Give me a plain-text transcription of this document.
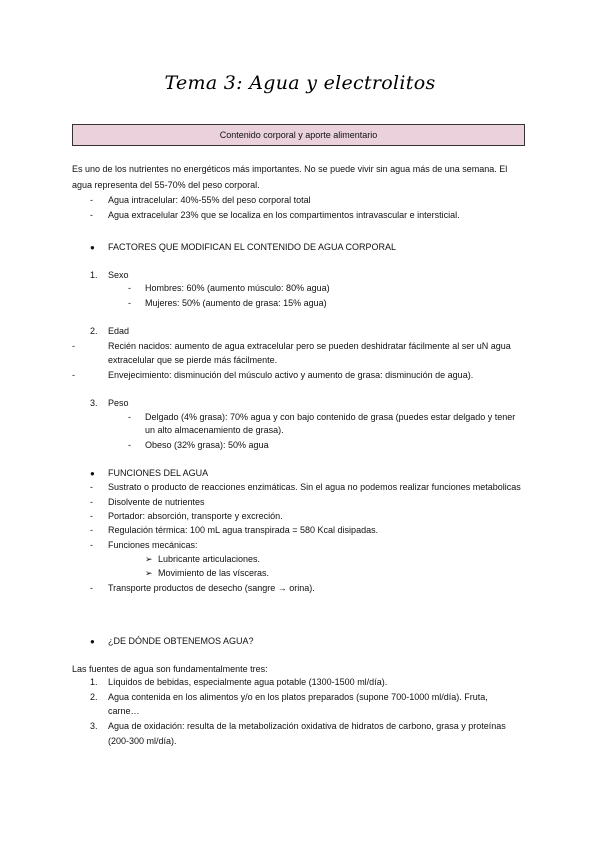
Tema 3: Agua y electrolitos
Contenido corporal y aporte alimentario
Es uno de los nutrientes no energéticos más importantes. No se puede vivir sin agua más de una semana. El
agua representa del 55-70% del peso corporal.
- Agua intracelular: 40%-55% del peso corporal total
- Agua extracelular 23% que se localiza en los compartimentos intravascular e intersticial.
● FACTORES QUE MODIFICAN EL CONTENIDO DE AGUA CORPORAL
1. Sexo
- Hombres: 60% (aumento músculo: 80% agua)
- Mujeres: 50% (aumento de grasa: 15% agua)
2. Edad
-	Recién nacidos: aumento de agua extracelular pero se pueden deshidratar fácilmente al ser uN agua
extracelular que se pierde más fácilmente.
-	Envejecimiento: disminución del músculo activo y aumento de grasa: disminución de agua).
3. Peso
- Delgado (4% grasa): 70% agua y con bajo contenido de grasa (puedes estar delgado y tener
un alto almacenamiento de grasa).
- Obeso (32% grasa): 50% agua
● FUNCIONES DEL AGUA
- Sustrato o producto de reacciones enzimáticas. Sin el agua no podemos realizar funciones metabolicas
- Disolvente de nutrientes
- Portador: absorción, transporte y excreción.
- Regulación térmica: 100 mL agua transpirada = 580 Kcal disipadas.
- Funciones mecánicas:
➢ Lubricante articulaciones.
➢ Movimiento de las vísceras.
- Transporte productos de desecho (sangre → orina).
● ¿DE DÓNDE OBTENEMOS AGUA?
Las fuentes de agua son fundamentalmente tres:
1. Líquidos de bebidas, especialmente agua potable (1300-1500 ml/día).
2. Agua contenida en los alimentos y/o en los platos preparados (supone 700-1000 ml/día). Fruta,
carne…
3. Agua de oxidación: resulta de la metabolización oxidativa de hidratos de carbono, grasa y proteínas
(200-300 ml/día).
